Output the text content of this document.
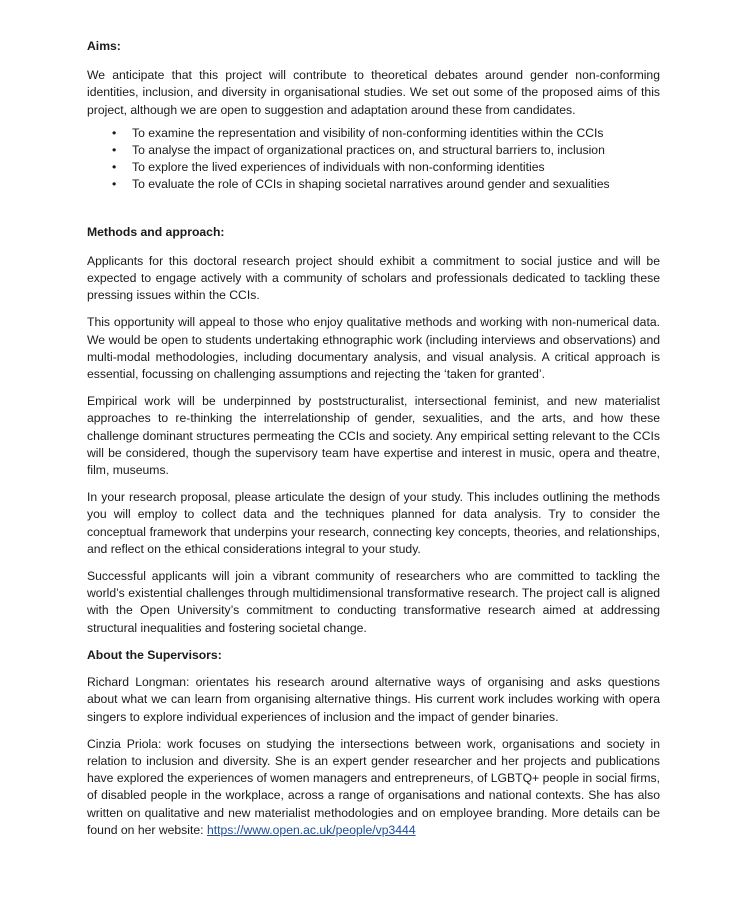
Aims:

We anticipate that this project will contribute to theoretical debates around gender non-conforming identities, inclusion, and diversity in organisational studies. We set out some of the proposed aims of this project, although we are open to suggestion and adaptation around these from candidates.

• To examine the representation and visibility of non-conforming identities within the CCIs
• To analyse the impact of organizational practices on, and structural barriers to, inclusion
• To explore the lived experiences of individuals with non-conforming identities
• To evaluate the role of CCIs in shaping societal narratives around gender and sexualities
Methods and approach:

Applicants for this doctoral research project should exhibit a commitment to social justice and will be expected to engage actively with a community of scholars and professionals dedicated to tackling these pressing issues within the CCIs.

This opportunity will appeal to those who enjoy qualitative methods and working with non-numerical data. We would be open to students undertaking ethnographic work (including interviews and observations) and multi-modal methodologies, including documentary analysis, and visual analysis. A critical approach is essential, focussing on challenging assumptions and rejecting the ‘taken for granted’.

Empirical work will be underpinned by poststructuralist, intersectional feminist, and new materialist approaches to re-thinking the interrelationship of gender, sexualities, and the arts, and how these challenge dominant structures permeating the CCIs and society. Any empirical setting relevant to the CCIs will be considered, though the supervisory team have expertise and interest in music, opera and theatre, film, museums.

In your research proposal, please articulate the design of your study. This includes outlining the methods you will employ to collect data and the techniques planned for data analysis. Try to consider the conceptual framework that underpins your research, connecting key concepts, theories, and relationships, and reflect on the ethical considerations integral to your study.

Successful applicants will join a vibrant community of researchers who are committed to tackling the world’s existential challenges through multidimensional transformative research. The project call is aligned with the Open University’s commitment to conducting transformative research aimed at addressing structural inequalities and fostering societal change.

About the Supervisors:

Richard Longman: orientates his research around alternative ways of organising and asks questions about what we can learn from organising alternative things. His current work includes working with opera singers to explore individual experiences of inclusion and the impact of gender binaries.

Cinzia Priola: work focuses on studying the intersections between work, organisations and society in relation to inclusion and diversity. She is an expert gender researcher and her projects and publications have explored the experiences of women managers and entrepreneurs, of LGBTQ+ people in social firms, of disabled people in the workplace, across a range of organisations and national contexts. She has also written on qualitative and new materialist methodologies and on employee branding. More details can be found on her website: https://www.open.ac.uk/people/vp3444
